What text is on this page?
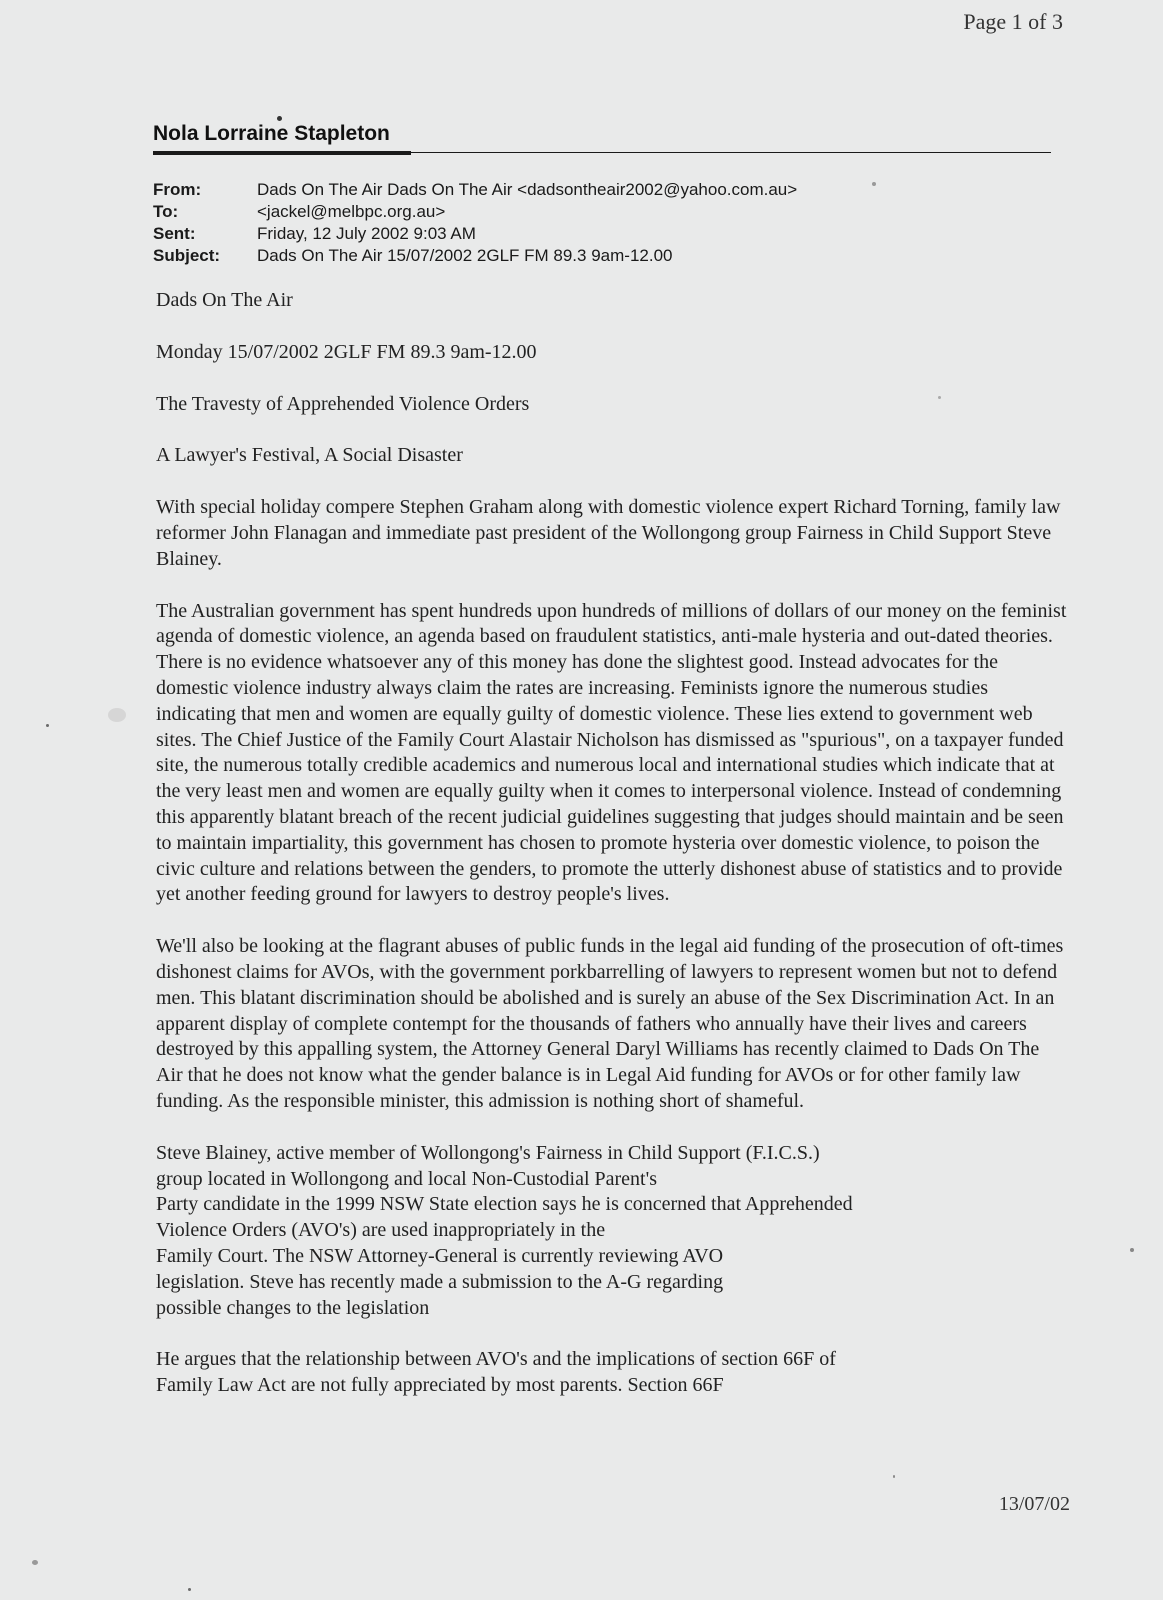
Page 1 of 3
Nola Lorraine Stapleton
From:	Dads On The Air Dads On The Air <dadsontheair2002@yahoo.com.au>
To:	<jackel@melbpc.org.au>
Sent:	Friday, 12 July 2002 9:03 AM
Subject:	Dads On The Air 15/07/2002 2GLF FM 89.3 9am-12.00

Dads On The Air

Monday 15/07/2002 2GLF FM 89.3 9am-12.00

The Travesty of Apprehended Violence Orders

A Lawyer's Festival, A Social Disaster

With special holiday compere Stephen Graham along with domestic violence expert Richard Torning, family law reformer John Flanagan and immediate past president of the Wollongong group Fairness in Child Support Steve Blainey.

The Australian government has spent hundreds upon hundreds of millions of dollars of our money on the feminist agenda of domestic violence, an agenda based on fraudulent statistics, anti-male hysteria and out-dated theories. There is no evidence whatsoever any of this money has done the slightest good. Instead advocates for the domestic violence industry always claim the rates are increasing. Feminists ignore the numerous studies indicating that men and women are equally guilty of domestic violence. These lies extend to government web sites. The Chief Justice of the Family Court Alastair Nicholson has dismissed as "spurious", on a taxpayer funded site, the numerous totally credible academics and numerous local and international studies which indicate that at the very least men and women are equally guilty when it comes to interpersonal violence. Instead of condemning this apparently blatant breach of the recent judicial guidelines suggesting that judges should maintain and be seen to maintain impartiality, this government has chosen to promote hysteria over domestic violence, to poison the civic culture and relations between the genders, to promote the utterly dishonest abuse of statistics and to provide yet another feeding ground for lawyers to destroy people's lives.

We'll also be looking at the flagrant abuses of public funds in the legal aid funding of the prosecution of oft-times dishonest claims for AVOs, with the government porkbarrelling of lawyers to represent women but not to defend men. This blatant discrimination should be abolished and is surely an abuse of the Sex Discrimination Act. In an apparent display of complete contempt for the thousands of fathers who annually have their lives and careers destroyed by this appalling system, the Attorney General Daryl Williams has recently claimed to Dads On The Air that he does not know what the gender balance is in Legal Aid funding for AVOs or for other family law funding. As the responsible minister, this admission is nothing short of shameful.

Steve Blainey, active member of Wollongong's Fairness in Child Support (F.I.C.S.)
group located in Wollongong and local Non-Custodial Parent's
Party candidate in the 1999 NSW State election says he is concerned that Apprehended
Violence Orders (AVO's) are used inappropriately in the
Family Court. The NSW Attorney-General is currently reviewing AVO
legislation. Steve has recently made a submission to the A-G regarding
possible changes to the legislation

He argues that the relationship between AVO's and the implications of section 66F of
Family Law Act are not fully appreciated by most parents. Section 66F

13/07/02
